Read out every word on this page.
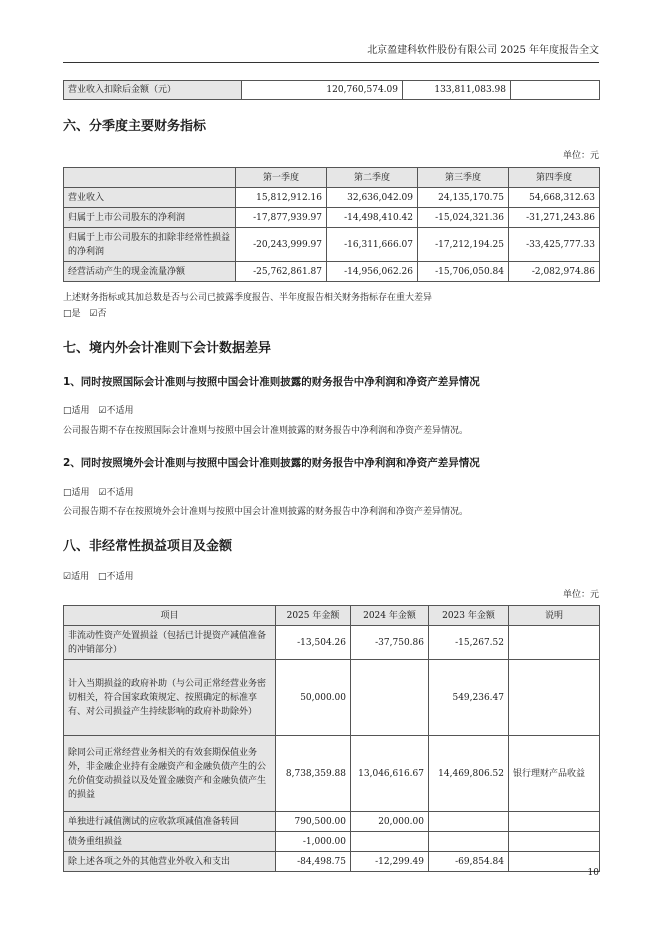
北京盈建科软件股份有限公司 2025 年年度报告全文
营业收入扣除后金额（元）	120,760,574.09	133,811,083.98	
六、分季度主要财务指标
单位：元
	第一季度	第二季度	第三季度	第四季度
营业收入	15,812,912.16	32,636,042.09	24,135,170.75	54,668,312.63
归属于上市公司股东的净利润	-17,877,939.97	-14,498,410.42	-15,024,321.36	-31,271,243.86
归属于上市公司股东的扣除非经常性损益的净利润	-20,243,999.97	-16,311,666.07	-17,212,194.25	-33,425,777.33
经营活动产生的现金流量净额	-25,762,861.87	-14,956,062.26	-15,706,050.84	-2,082,974.86
上述财务指标或其加总数是否与公司已披露季度报告、半年度报告相关财务指标存在重大差异
□是 ☑否
七、境内外会计准则下会计数据差异
1、同时按照国际会计准则与按照中国会计准则披露的财务报告中净利润和净资产差异情况
□适用 ☑不适用
公司报告期不存在按照国际会计准则与按照中国会计准则披露的财务报告中净利润和净资产差异情况。
2、同时按照境外会计准则与按照中国会计准则披露的财务报告中净利润和净资产差异情况
□适用 ☑不适用
公司报告期不存在按照境外会计准则与按照中国会计准则披露的财务报告中净利润和净资产差异情况。
八、非经常性损益项目及金额
☑适用 □不适用
单位：元
项目	2025 年金额	2024 年金额	2023 年金额	说明
非流动性资产处置损益（包括已计提资产减值准备的冲销部分）	-13,504.26	-37,750.86	-15,267.52	
计入当期损益的政府补助（与公司正常经营业务密切相关，符合国家政策规定、按照确定的标准享有、对公司损益产生持续影响的政府补助除外）	50,000.00		549,236.47	
除同公司正常经营业务相关的有效套期保值业务外，非金融企业持有金融资产和金融负债产生的公允价值变动损益以及处置金融资产和金融负债产生的损益	8,738,359.88	13,046,616.67	14,469,806.52	银行理财产品收益
单独进行减值测试的应收款项减值准备转回	790,500.00	20,000.00		
债务重组损益	-1,000.00			
除上述各项之外的其他营业外收入和支出	-84,498.75	-12,299.49	-69,854.84	
10
